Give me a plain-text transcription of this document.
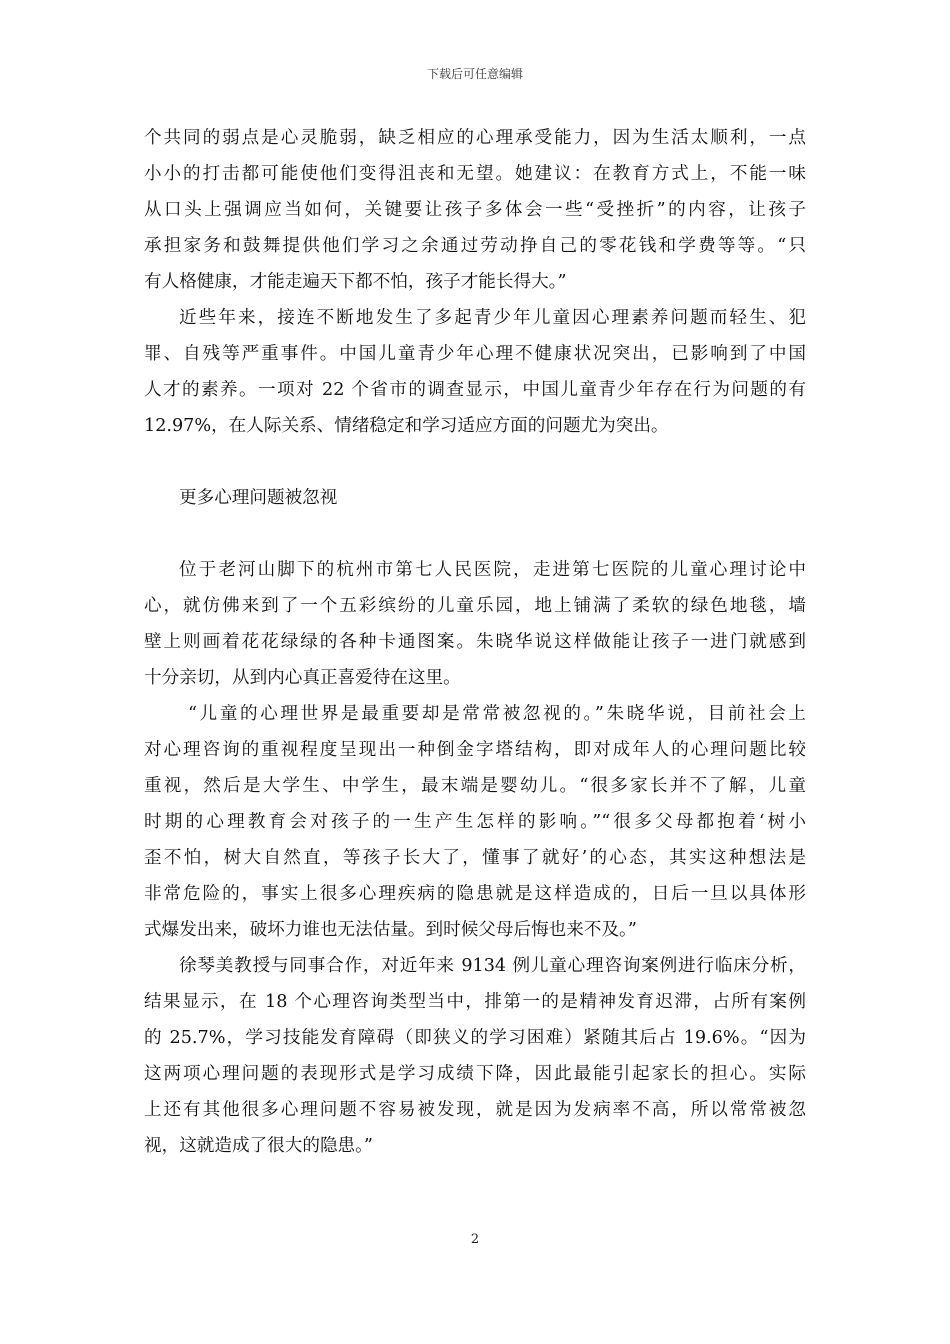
下载后可任意编辑
个共同的弱点是心灵脆弱，缺乏相应的心理承受能力，因为生活太顺利，一点
小小的打击都可能使他们变得沮丧和无望。她建议：在教育方式上，不能一味
从口头上强调应当如何，关键要让孩子多体会一些“受挫折”的内容，让孩子
承担家务和鼓舞提供他们学习之余通过劳动挣自己的零花钱和学费等等。“只
有人格健康，才能走遍天下都不怕，孩子才能长得大。”
近些年来，接连不断地发生了多起青少年儿童因心理素养问题而轻生、犯
罪、自残等严重事件。中国儿童青少年心理不健康状况突出，已影响到了中国
人才的素养。一项对 22 个省市的调查显示，中国儿童青少年存在行为问题的有
12.97%，在人际关系、情绪稳定和学习适应方面的问题尤为突出。
更多心理问题被忽视
位于老河山脚下的杭州市第七人民医院，走进第七医院的儿童心理讨论中
心，就仿佛来到了一个五彩缤纷的儿童乐园，地上铺满了柔软的绿色地毯，墙
壁上则画着花花绿绿的各种卡通图案。朱晓华说这样做能让孩子一进门就感到
十分亲切，从到内心真正喜爱待在这里。
“儿童的心理世界是最重要却是常常被忽视的。”朱晓华说，目前社会上
对心理咨询的重视程度呈现出一种倒金字塔结构，即对成年人的心理问题比较
重视，然后是大学生、中学生，最末端是婴幼儿。“很多家长并不了解，儿童
时期的心理教育会对孩子的一生产生怎样的影响。”“很多父母都抱着‘树小
歪不怕，树大自然直，等孩子长大了，懂事了就好’的心态，其实这种想法是
非常危险的，事实上很多心理疾病的隐患就是这样造成的，日后一旦以具体形
式爆发出来，破坏力谁也无法估量。到时候父母后悔也来不及。”
徐琴美教授与同事合作，对近年来 9134 例儿童心理咨询案例进行临床分析，
结果显示，在 18 个心理咨询类型当中，排第一的是精神发育迟滞，占所有案例
的 25.7%，学习技能发育障碍（即狭义的学习困难）紧随其后占 19.6%。“因为
这两项心理问题的表现形式是学习成绩下降，因此最能引起家长的担心。实际
上还有其他很多心理问题不容易被发现，就是因为发病率不高，所以常常被忽
视，这就造成了很大的隐患。”
2
